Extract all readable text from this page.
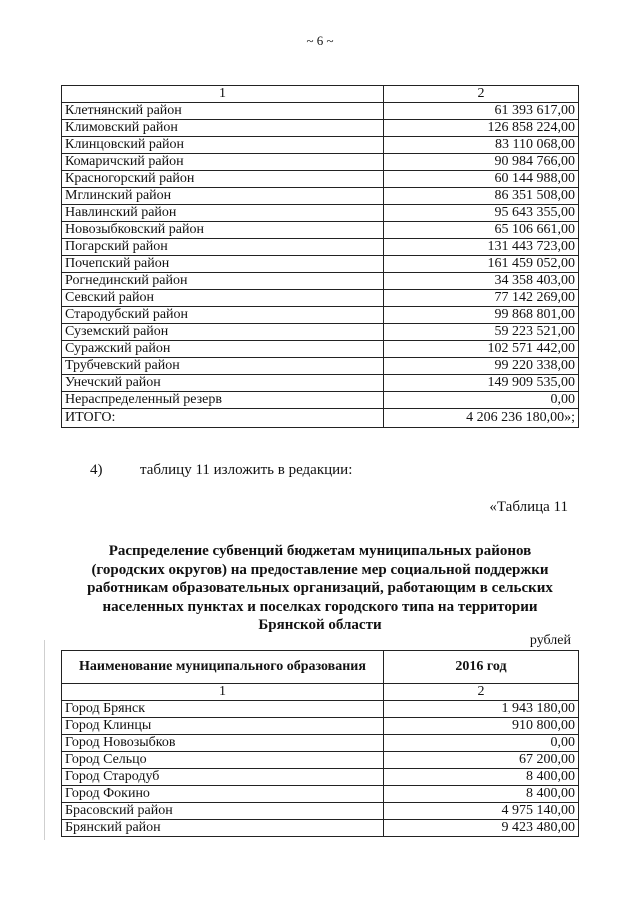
~ 6 ~
1	2
Клетнянский район	61 393 617,00
Климовский район	126 858 224,00
Клинцовский район	83 110 068,00
Комаричский район	90 984 766,00
Красногорский район	60 144 988,00
Мглинский район	86 351 508,00
Навлинский район	95 643 355,00
Новозыбковский район	65 106 661,00
Погарский район	131 443 723,00
Почепский район	161 459 052,00
Рогнединский район	34 358 403,00
Севский район	77 142 269,00
Стародубский район	99 868 801,00
Суземский район	59 223 521,00
Суражский район	102 571 442,00
Трубчевский район	99 220 338,00
Унечский район	149 909 535,00
Нераспределенный резерв	0,00
ИТОГО:	4 206 236 180,00»;
4)	таблицу 11 изложить в редакции:
«Таблица 11
Распределение субвенций бюджетам муниципальных районов
(городских округов) на предоставление мер социальной поддержки
работникам образовательных организаций, работающим в сельских
населенных пунктах и поселках городского типа на территории
Брянской области
рублей
Наименование муниципального образования	2016 год
1	2
Город Брянск	1 943 180,00
Город Клинцы	910 800,00
Город Новозыбков	0,00
Город Сельцо	67 200,00
Город Стародуб	8 400,00
Город Фокино	8 400,00
Брасовский район	4 975 140,00
Брянский район	9 423 480,00
